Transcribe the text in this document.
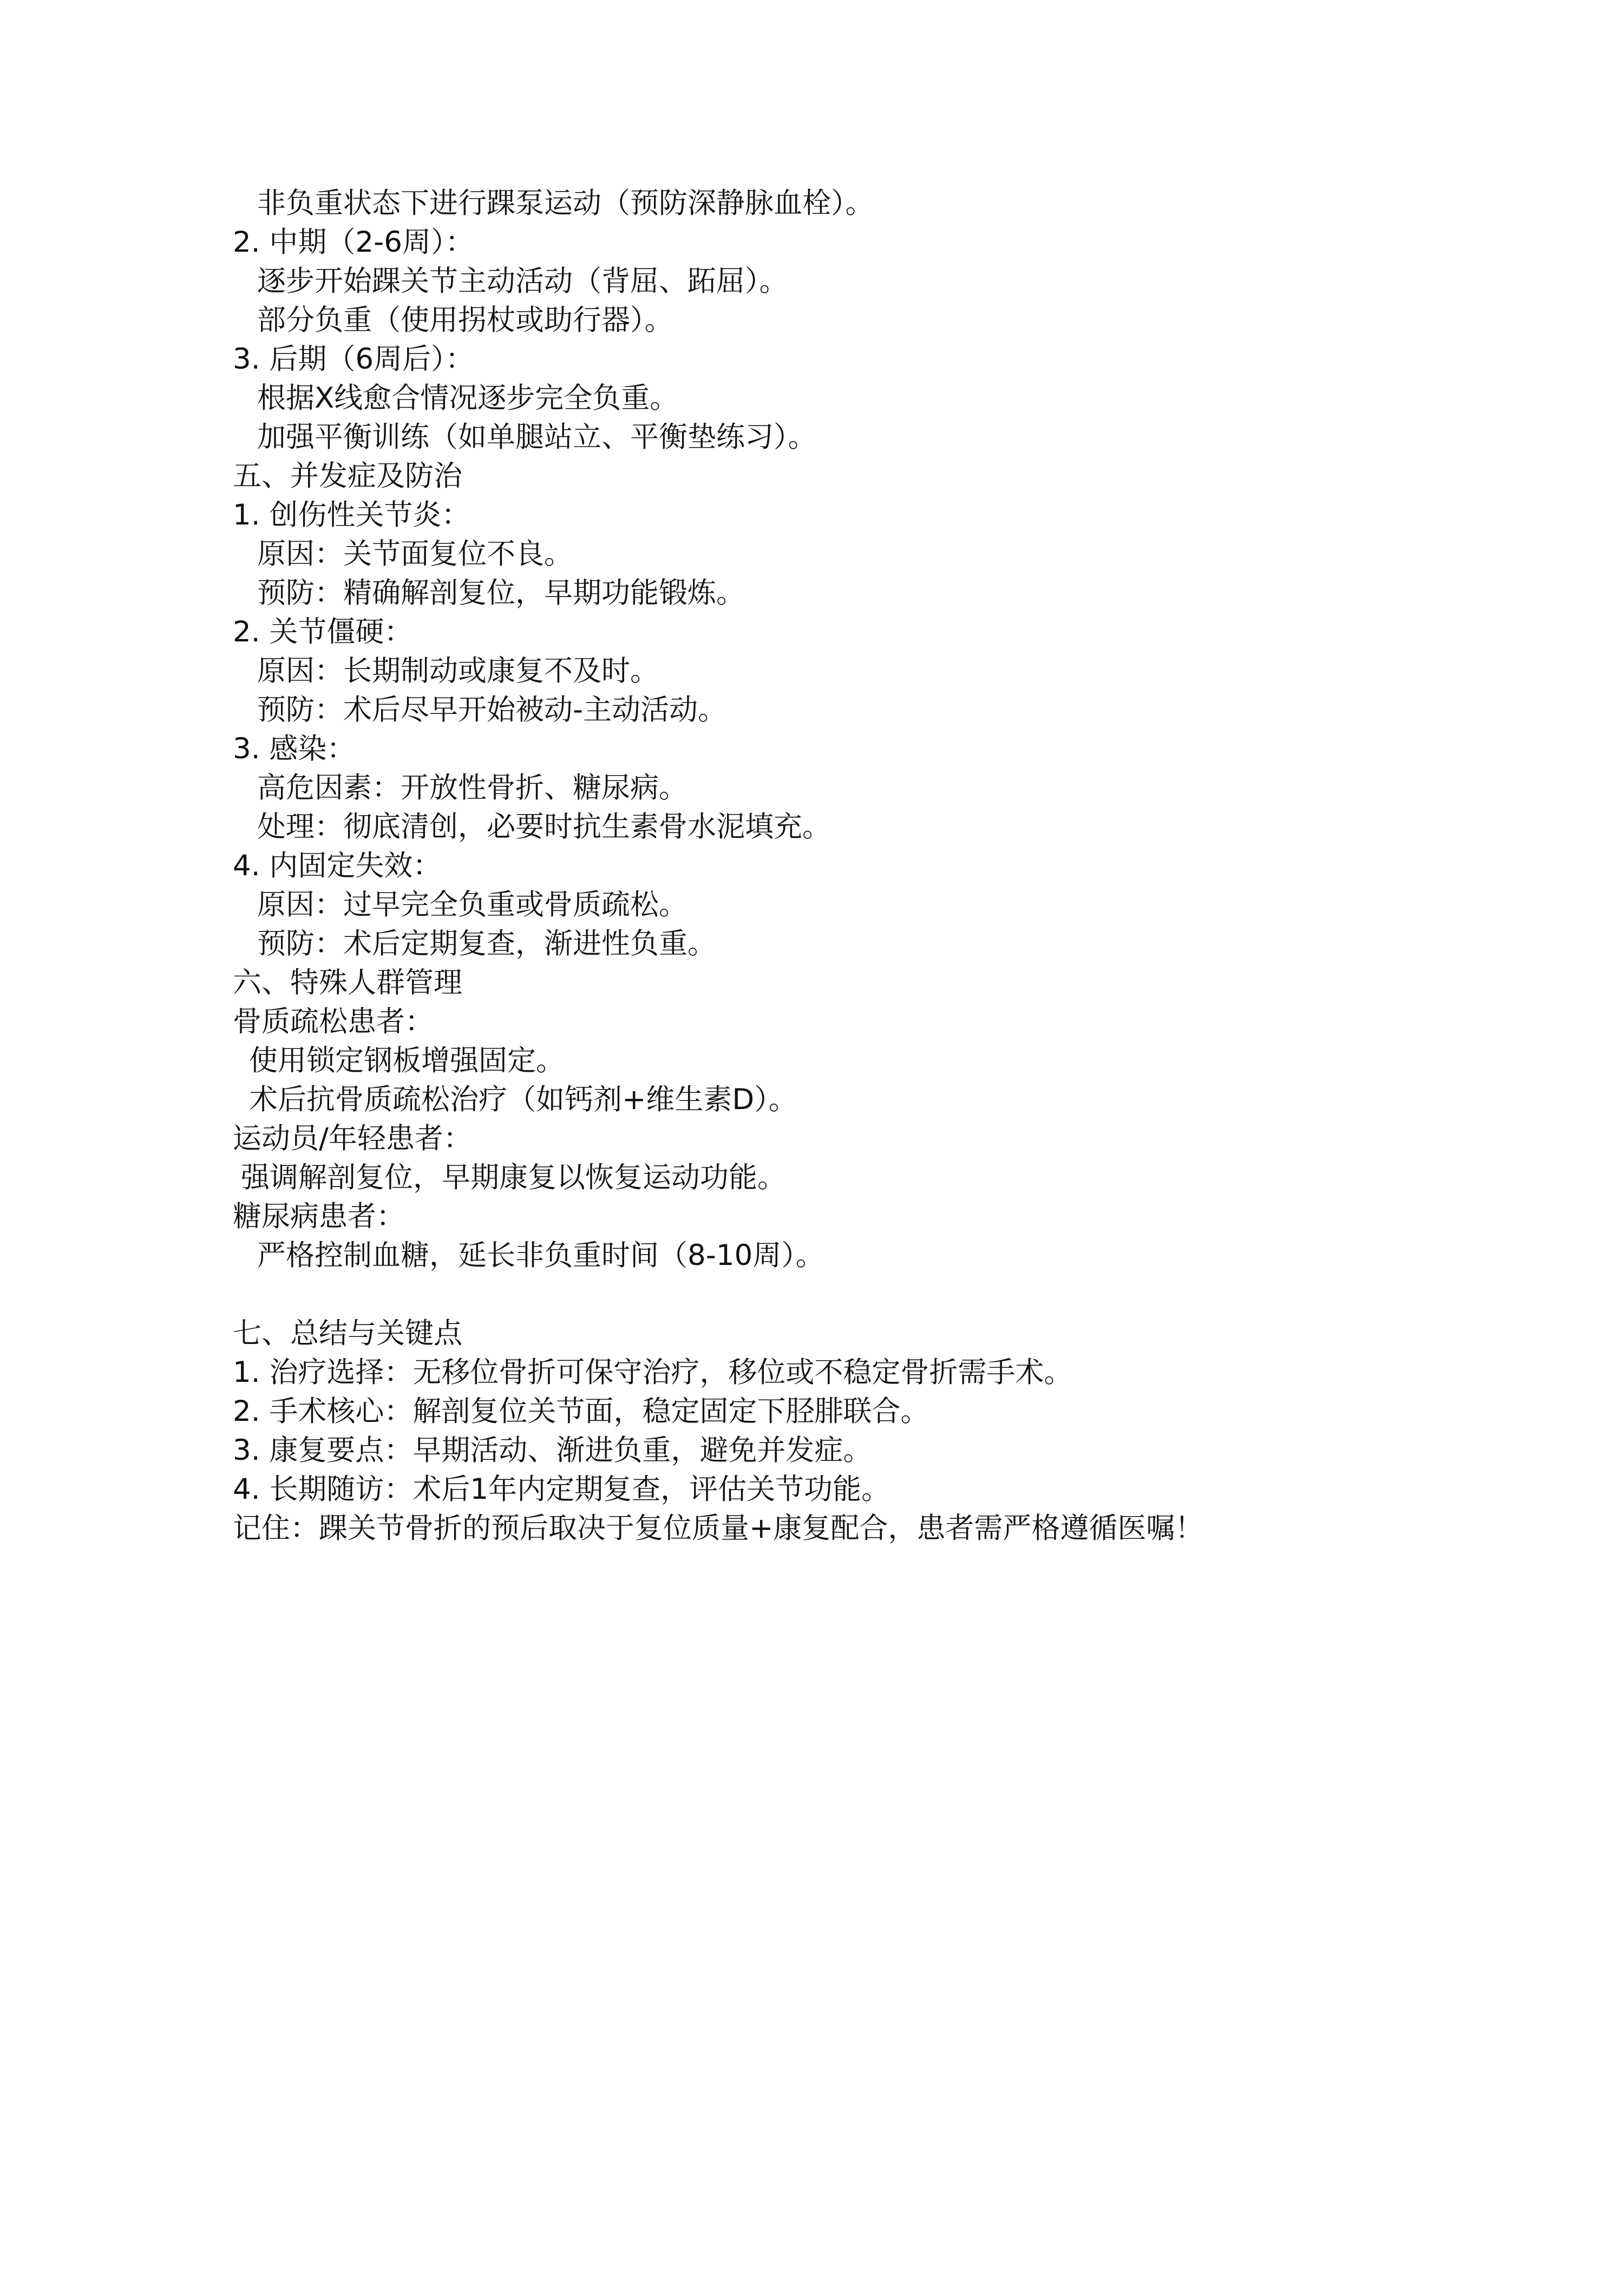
非负重状态下进行踝泵运动（预防深静脉血栓）。
2. 中期（2-6周）：
逐步开始踝关节主动活动（背屈、跖屈）。
部分负重（使用拐杖或助行器）。
3. 后期（6周后）：
根据X线愈合情况逐步完全负重。
加强平衡训练（如单腿站立、平衡垫练习）。
五、并发症及防治
1. 创伤性关节炎：
原因：关节面复位不良。
预防：精确解剖复位，早期功能锻炼。
2. 关节僵硬：
原因：长期制动或康复不及时。
预防：术后尽早开始被动-主动活动。
3. 感染：
高危因素：开放性骨折、糖尿病。
处理：彻底清创，必要时抗生素骨水泥填充。
4. 内固定失效：
原因：过早完全负重或骨质疏松。
预防：术后定期复查，渐进性负重。
六、特殊人群管理
骨质疏松患者：
使用锁定钢板增强固定。
术后抗骨质疏松治疗（如钙剂+维生素D）。
运动员/年轻患者：
强调解剖复位，早期康复以恢复运动功能。
糖尿病患者：
严格控制血糖，延长非负重时间（8-10周）。
七、总结与关键点
1. 治疗选择：无移位骨折可保守治疗，移位或不稳定骨折需手术。
2. 手术核心：解剖复位关节面，稳定固定下胫腓联合。
3. 康复要点：早期活动、渐进负重，避免并发症。
4. 长期随访：术后1年内定期复查，评估关节功能。
记住：踝关节骨折的预后取决于复位质量+康复配合，患者需严格遵循医嘱！
